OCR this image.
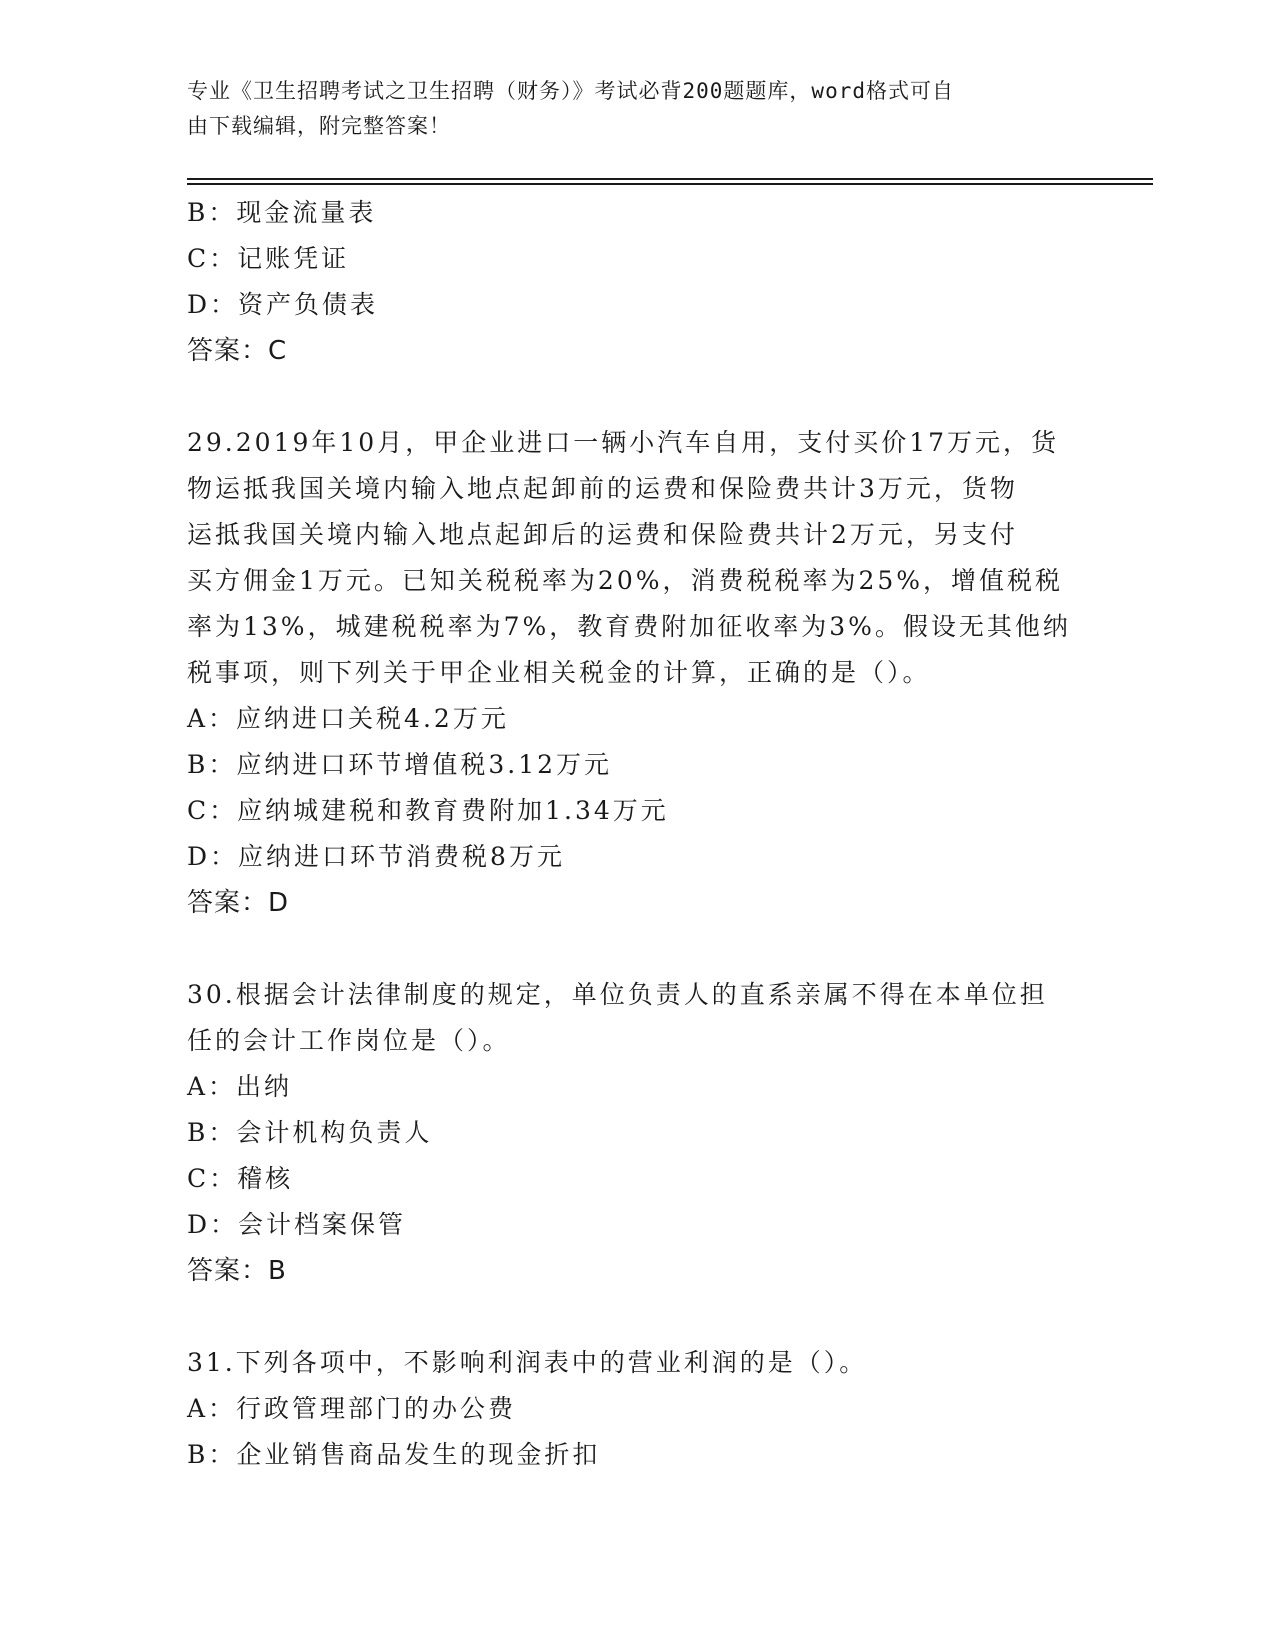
专业《卫生招聘考试之卫生招聘（财务）》考试必背200题题库，word格式可自
由下载编辑，附完整答案！
B：现金流量表
C：记账凭证
D：资产负债表
答案：C
29.2019年10月，甲企业进口一辆小汽车自用，支付买价17万元，货
物运抵我国关境内输入地点起卸前的运费和保险费共计3万元，货物
运抵我国关境内输入地点起卸后的运费和保险费共计2万元，另支付
买方佣金1万元。已知关税税率为20%，消费税税率为25%，增值税税
率为13%，城建税税率为7%，教育费附加征收率为3%。假设无其他纳
税事项，则下列关于甲企业相关税金的计算，正确的是（）。
A：应纳进口关税4.2万元
B：应纳进口环节增值税3.12万元
C：应纳城建税和教育费附加1.34万元
D：应纳进口环节消费税8万元
答案：D
30.根据会计法律制度的规定，单位负责人的直系亲属不得在本单位担
任的会计工作岗位是（）。
A：出纳
B：会计机构负责人
C：稽核
D：会计档案保管
答案：B
31.下列各项中，不影响利润表中的营业利润的是（）。
A：行政管理部门的办公费
B：企业销售商品发生的现金折扣
